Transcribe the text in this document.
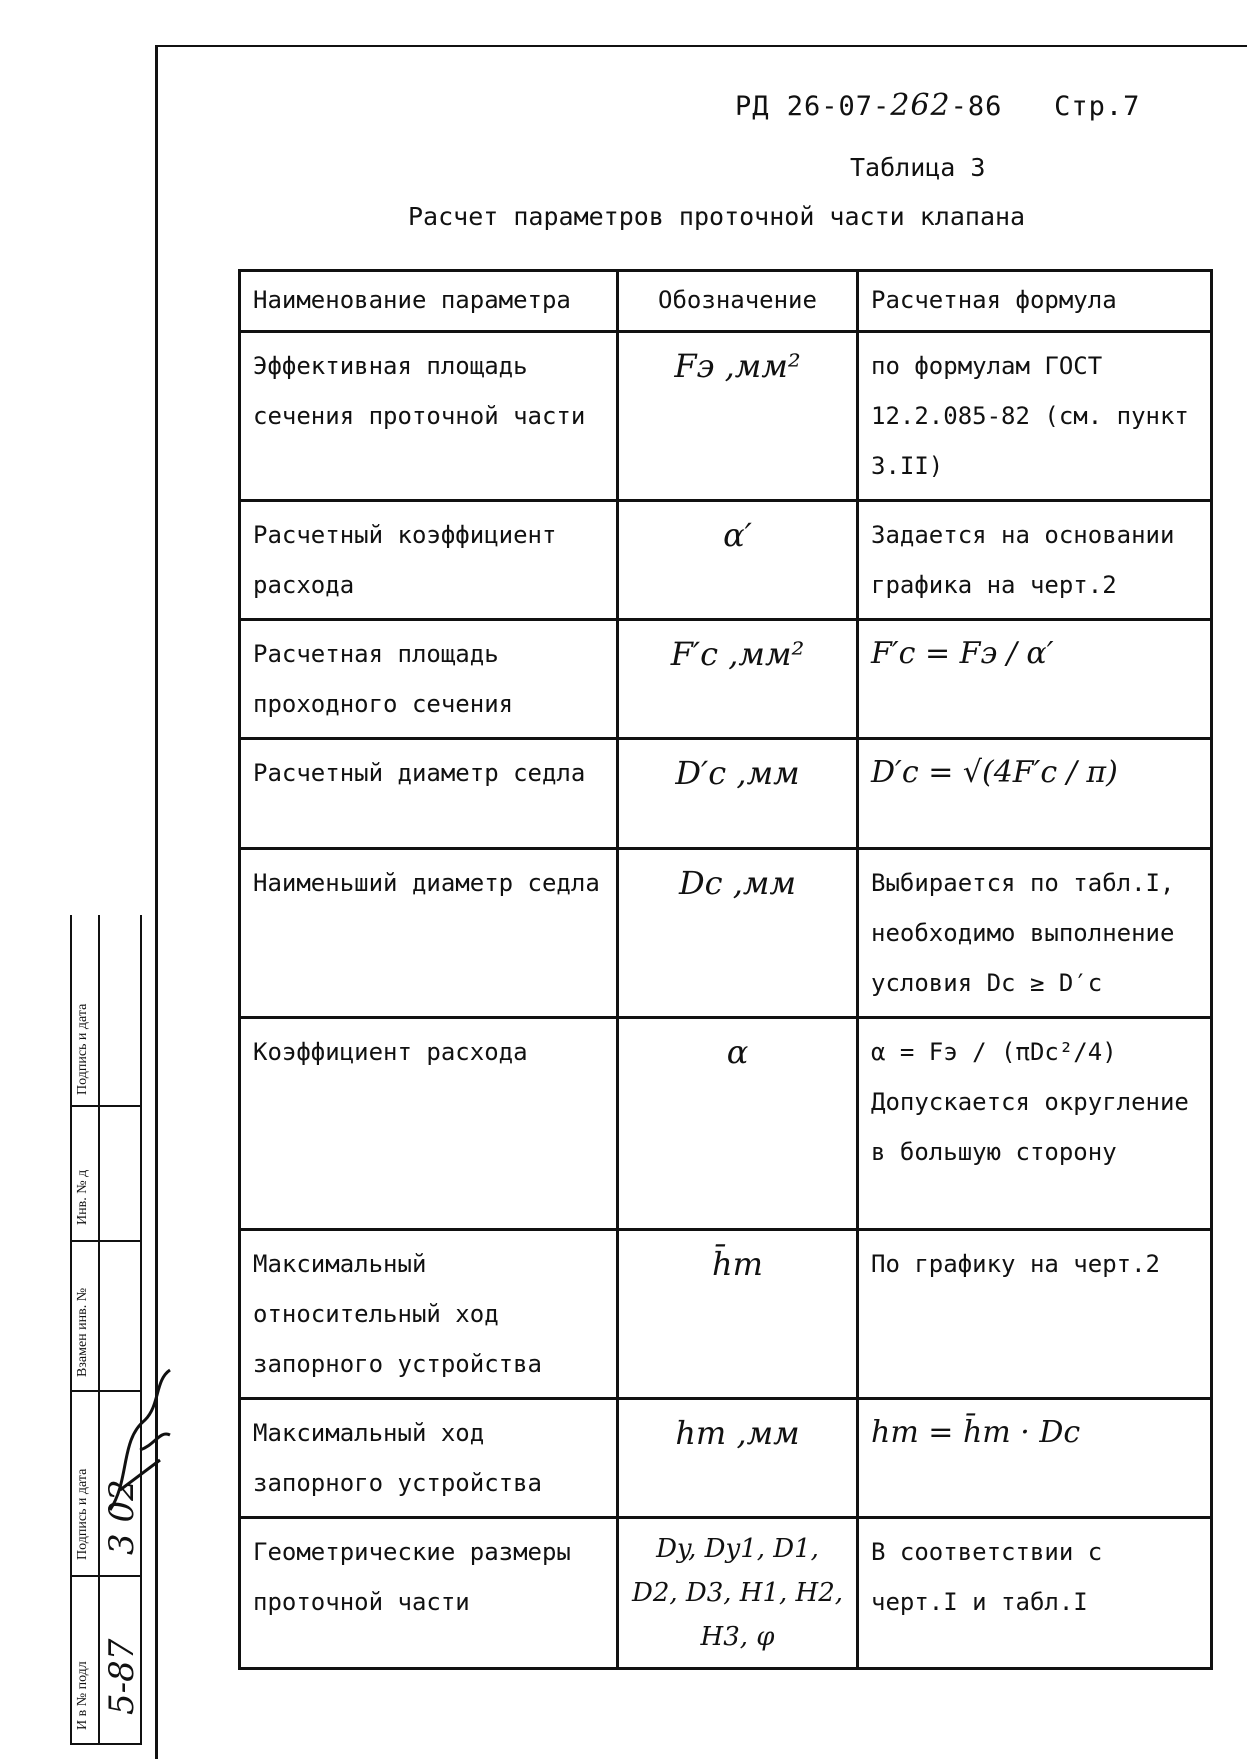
РД 26-07-262-86 Стр.7
Таблица 3
Расчет параметров проточной части клапана
Наименование параметра	Обозначение	Расчетная формула
Эффективная площадь сечения проточной части	Fэ ,мм²	по формулам ГОСТ 12.2.085-82 (см. пункт 3.II)
Расчетный коэффициент расхода	α′	Задается на основании графика на черт.2
Расчетная площадь проходного сечения	F′c ,мм²	F′c = Fэ / α′
Расчетный диаметр седла	D′c ,мм	D′c = √(4F′c / π)
Наименьший диаметр седла	Dc ,мм	Выбирается по табл.I, необходимо выполнение условия Dc ≥ D′c
Коэффициент расхода	α	α = Fэ / (πDc²/4) Допускается округление в большую сторону
Максимальный относительный ход запорного устройства	h̄m	По графику на черт.2
Максимальный ход запорного устройства	hm ,мм	hm = h̄m · Dc
Геометрические размеры проточной части	Dy, Dy1, D1, D2, D3, H1, H2, H3, φ	В соответствии с черт.I и табл.I
Подпись и дата
Инв. № д
Взамен инв. №
Подпись и дата
И в № подл
3 02
5-87
